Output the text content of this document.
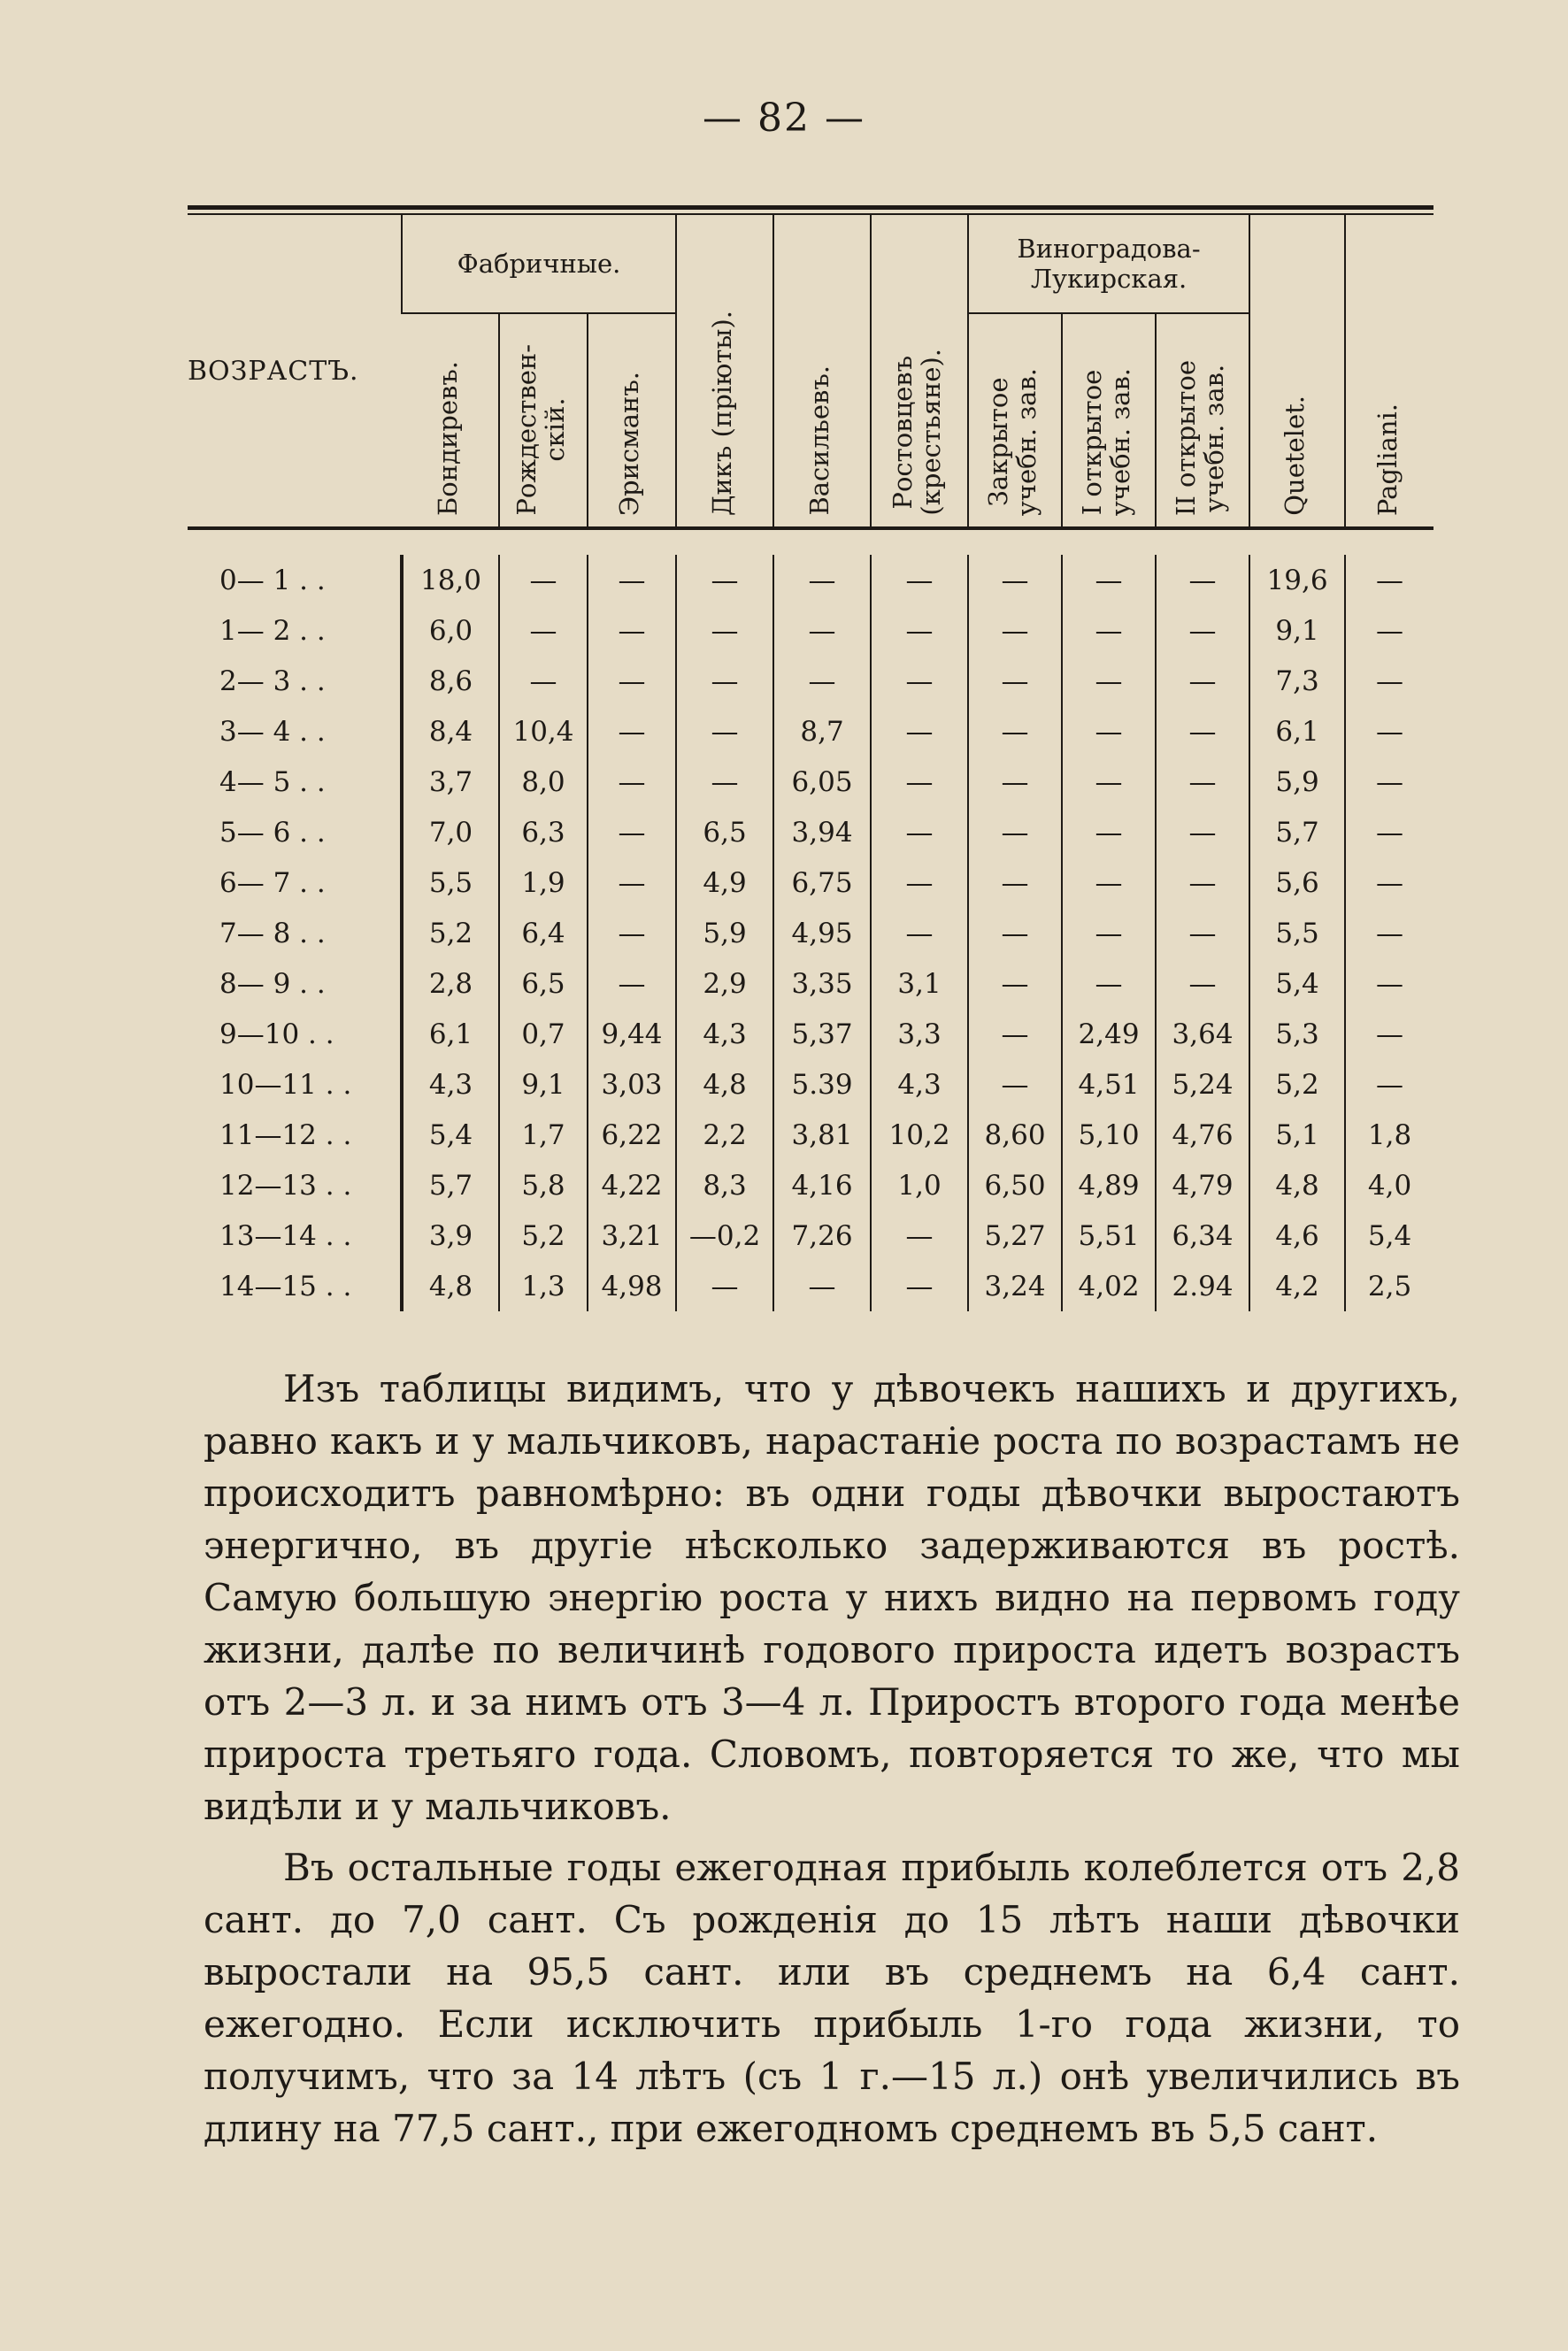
— 82 —
ВОЗРАСТЪ.	Фабричные.			Дикъ (пріюты).	Васильевъ.	Ростовцевъ
(крестьяне).	Виноградова-
Лукирская.			Quetelet.	Pagliani.

	Бондиревъ.	Рождествен-
скій.	Эрисманъ.				Закрытое
учебн. зав.	I открытое
учебн. зав.	II открытое
учебн. зав.		

0— 1 . .	18,0	—	—	—	—	—	—	—	—	19,6	—
1— 2 . .	6,0	—	—	—	—	—	—	—	—	9,1	—
2— 3 . .	8,6	—	—	—	—	—	—	—	—	7,3	—
3— 4 . .	8,4	10,4	—	—	8,7	—	—	—	—	6,1	—
4— 5 . .	3,7	8,0	—	—	6,05	—	—	—	—	5,9	—
5— 6 . .	7,0	6,3	—	6,5	3,94	—	—	—	—	5,7	—
6— 7 . .	5,5	1,9	—	4,9	6,75	—	—	—	—	5,6	—
7— 8 . .	5,2	6,4	—	5,9	4,95	—	—	—	—	5,5	—
8— 9 . .	2,8	6,5	—	2,9	3,35	3,1	—	—	—	5,4	—
9—10 . .	6,1	0,7	9,44	4,3	5,37	3,3	—	2,49	3,64	5,3	—
10—11 . .	4,3	9,1	3,03	4,8	5.39	4,3	—	4,51	5,24	5,2	—
11—12 . .	5,4	1,7	6,22	2,2	3,81	10,2	8,60	5,10	4,76	5,1	1,8
12—13 . .	5,7	5,8	4,22	8,3	4,16	1,0	6,50	4,89	4,79	4,8	4,0
13—14 . .	3,9	5,2	3,21	—0,2	7,26	—	5,27	5,51	6,34	4,6	5,4
14—15 . .	4,8	1,3	4,98	—	—	—	3,24	4,02	2.94	4,2	2,5

Изъ таблицы видимъ, что у дѣвочекъ нашихъ и другихъ, равно какъ и у мальчиковъ, нарастаніе роста по возрастамъ не происходитъ равномѣрно: въ одни годы дѣвочки выростаютъ энергично, въ другіе нѣсколько задерживаются въ ростѣ. Самую большую энергію роста у нихъ видно на первомъ году жизни, далѣе по величинѣ годового прироста идетъ возрастъ отъ 2—3 л. и за нимъ отъ 3—4 л. Приростъ второго года менѣе прироста третьяго года. Словомъ, повторяется то же, что мы видѣли и у мальчиковъ.

Въ остальные годы ежегодная прибыль колеблется отъ 2,8 сант. до 7,0 сант. Съ рожденія до 15 лѣтъ наши дѣвочки выростали на 95,5 сант. или въ среднемъ на 6,4 сант. ежегодно. Если исключить прибыль 1-го года жизни, то получимъ, что за 14 лѣтъ (съ 1 г.—15 л.) онѣ увеличились въ длину на 77,5 сант., при ежегодномъ среднемъ въ 5,5 сант.
